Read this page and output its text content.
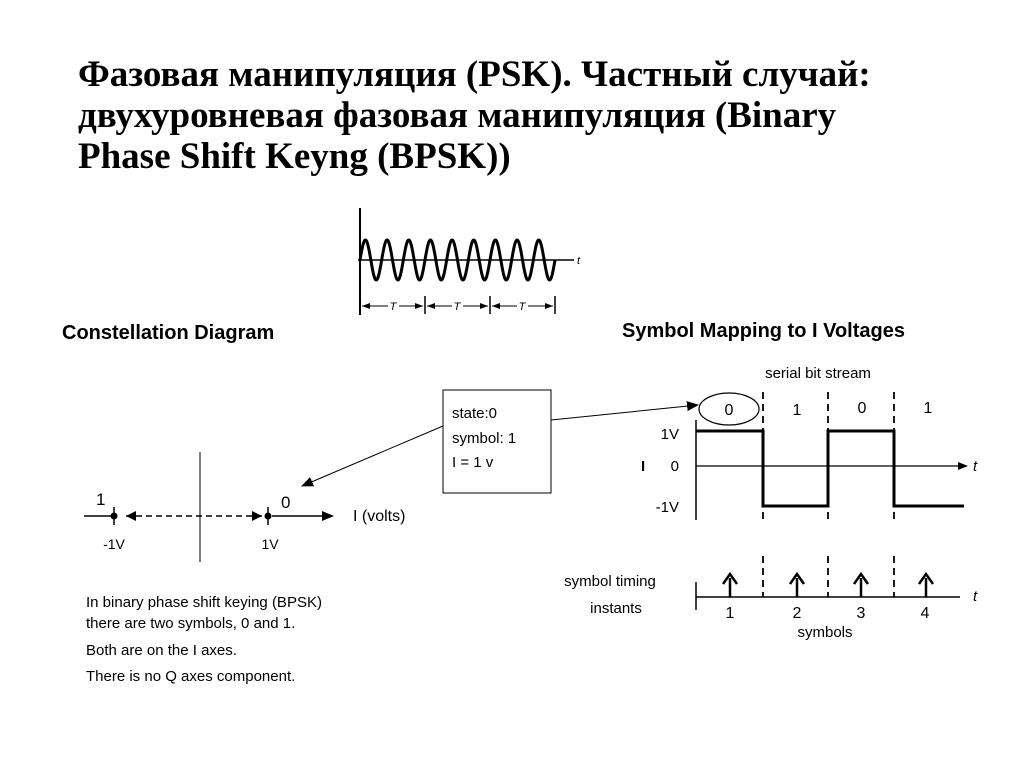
Фазовая манипуляция (PSK). Частный случай:
двухуровневая фазовая манипуляция (Binary
Phase Shift Keyng (BPSK))
Constellation Diagram	Symbol Mapping to I Voltages
In binary phase shift keying (BPSK)
there are two symbols, 0 and 1.
Both are on the I axes.
There is no Q axes component.
t
T	T	T
I (volts)
1
-1V
0
1V
state:0
symbol: 1
I = 1 v
serial bit stream
0	1	0	1
t
1V
0
-1V
I
symbol timing
instants
t
1	2	3	4
symbols
